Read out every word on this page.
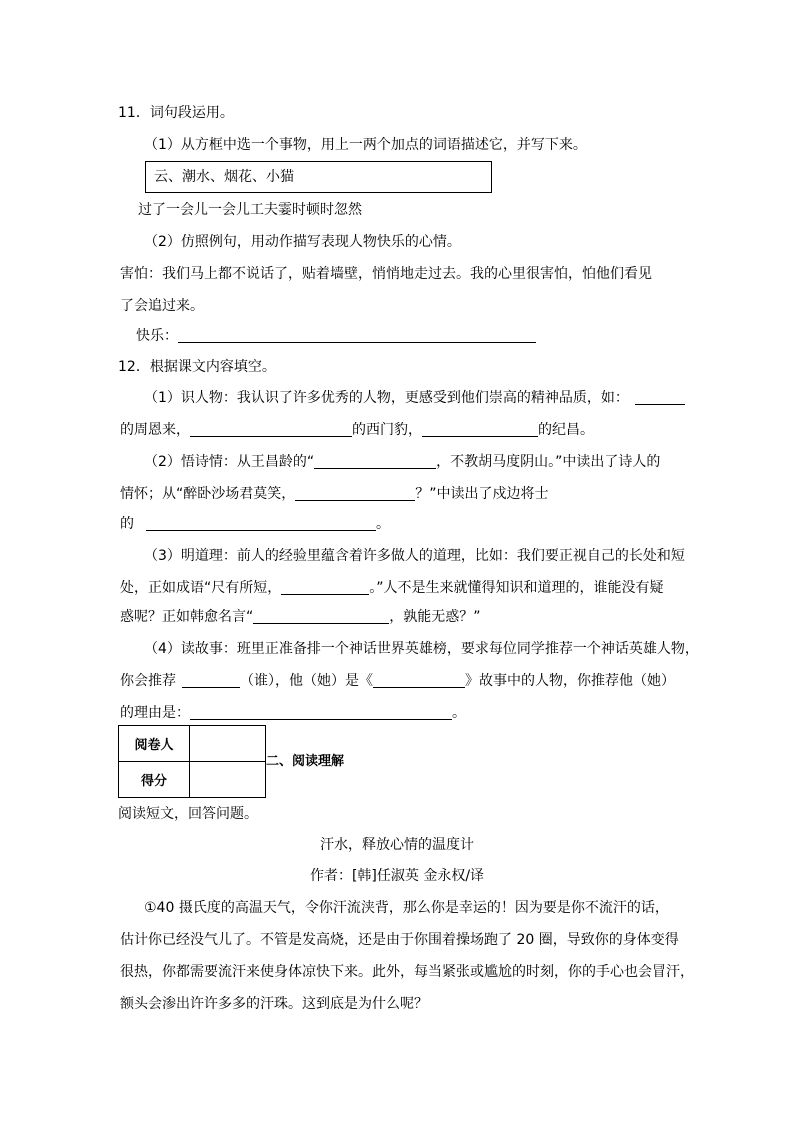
11．词句段运用。
（1）从方框中选一个事物，用上一两个加点的词语描述它，并写下来。
云、潮水、烟花、小猫
过了一会儿一会儿工夫霎时顿时忽然
（2）仿照例句，用动作描写表现人物快乐的心情。
害怕：我们马上都不说话了，贴着墙壁，悄悄地走过去。我的心里很害怕，怕他们看见
了会追过来。
快乐：
12．根据课文内容填空。
（1）识人物：我认识了许多优秀的人物，更感受到他们崇高的精神品质，如：
的周恩来，	的西门豹，	的纪昌。
（2）悟诗情：从王昌龄的“	，不教胡马度阴山。”中读出了诗人的
情怀；从“醉卧沙场君莫笑，	？”中读出了戍边将士
的	。
（3）明道理：前人的经验里蕴含着许多做人的道理，比如：我们要正视自己的长处和短
处，正如成语“尺有所短，	。”人不是生来就懂得知识和道理的，谁能没有疑
惑呢？正如韩愈名言“	，孰能无惑？”
（4）读故事：班里正准备排一个神话世界英雄榜，要求每位同学推荐一个神话英雄人物，
你会推荐	（谁），他（她）是《	》故事中的人物，你推荐他（她）
的理由是：	。
阅卷人	
得分	
二、阅读理解
阅读短文，回答问题。
汗水，释放心情的温度计
作者：[韩]任淑英 金永权/译
①40 摄氏度的高温天气，令你汗流浃背，那么你是幸运的！因为要是你不流汗的话，
估计你已经没气儿了。不管是发高烧，还是由于你围着操场跑了 20 圈，导致你的身体变得
很热，你都需要流汗来使身体凉快下来。此外，每当紧张或尴尬的时刻，你的手心也会冒汗，
额头会渗出许许多多的汗珠。这到底是为什么呢？
